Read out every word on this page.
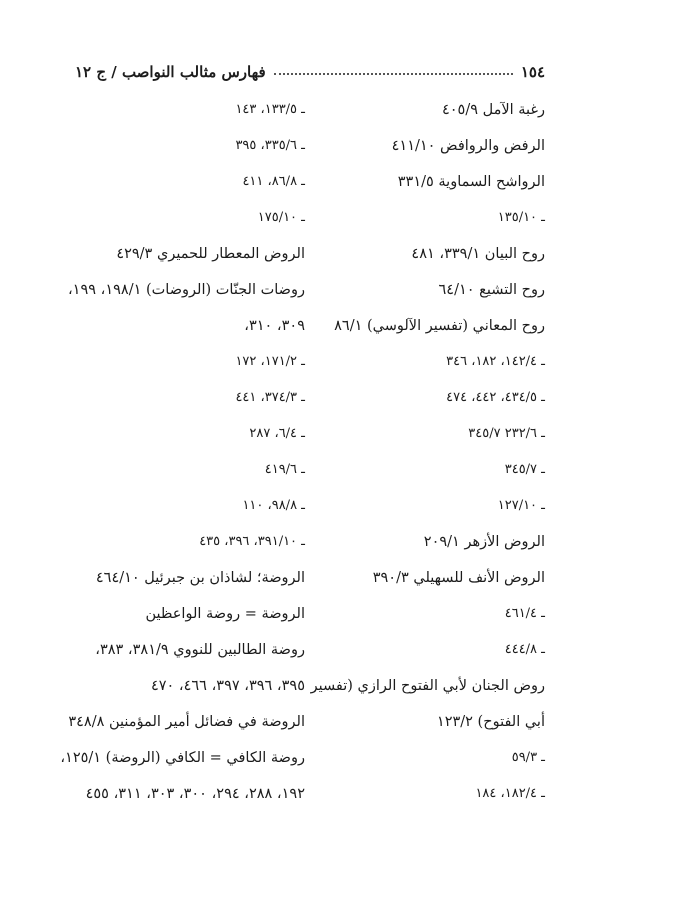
١٥٤
فهارس مثالب النواصب / ج ١٢
رغبة الآمل ٤٠٥/٩
الرفض والروافض ٤١١/١٠
الرواشح السماوية ٣٣١/٥
ـ ١٣٥/١٠
روح البيان ٣٣٩/١، ٤٨١
روح التشيع ٦٤/١٠
روح المعاني (تفسير الآلوسي) ٨٦/١
ـ ١٤٢/٤، ١٨٢، ٣٤٦
ـ ٤٣٤/٥، ٤٤٢، ٤٧٤
ـ ٢٣٢/٦ ٣٤٥/٧
ـ ٣٤٥/٧
ـ ١٢٧/١٠
الروض الأزهر ٢٠٩/١
الروض الأنف للسهيلي ٣٩٠/٣
ـ ٤٦١/٤
ـ ٤٤٤/٨
روض الجنان لأبي الفتوح الرازي (تفسير
أبي الفتوح) ١٢٣/٢
ـ ٥٩/٣
ـ ١٨٢/٤، ١٨٤
ـ ١٣٣/٥، ١٤٣
ـ ٣٣٥/٦، ٣٩٥
ـ ٨٦/٨، ٤١١
ـ ١٧٥/١٠
الروض المعطار للحميري ٤٢٩/٣
روضات الجنّات (الروضات) ١٩٨/١، ١٩٩،
٣٠٩، ٣١٠،
ـ ١٧١/٢، ١٧٢
ـ ٣٧٤/٣، ٤٤١
ـ ٦/٤، ٢٨٧
ـ ٤١٩/٦
ـ ٩٨/٨، ١١٠
ـ ٣٩١/١٠، ٣٩٦، ٤٣٥
الروضة؛ لشاذان بن جبرئيل ٤٦٤/١٠
الروضة = روضة الواعظين
روضة الطالبين للنووي ٣٨١/٩، ٣٨٣،
٣٩٥، ٣٩٦، ٣٩٧، ٤٦٦، ٤٧٠
الروضة في فضائل أمير المؤمنين ٣٤٨/٨
روضة الكافي = الكافي (الروضة) ١٢٥/١،
١٩٢، ٢٨٨، ٢٩٤، ٣٠٠، ٣٠٣، ٣١١، ٤٥٥
